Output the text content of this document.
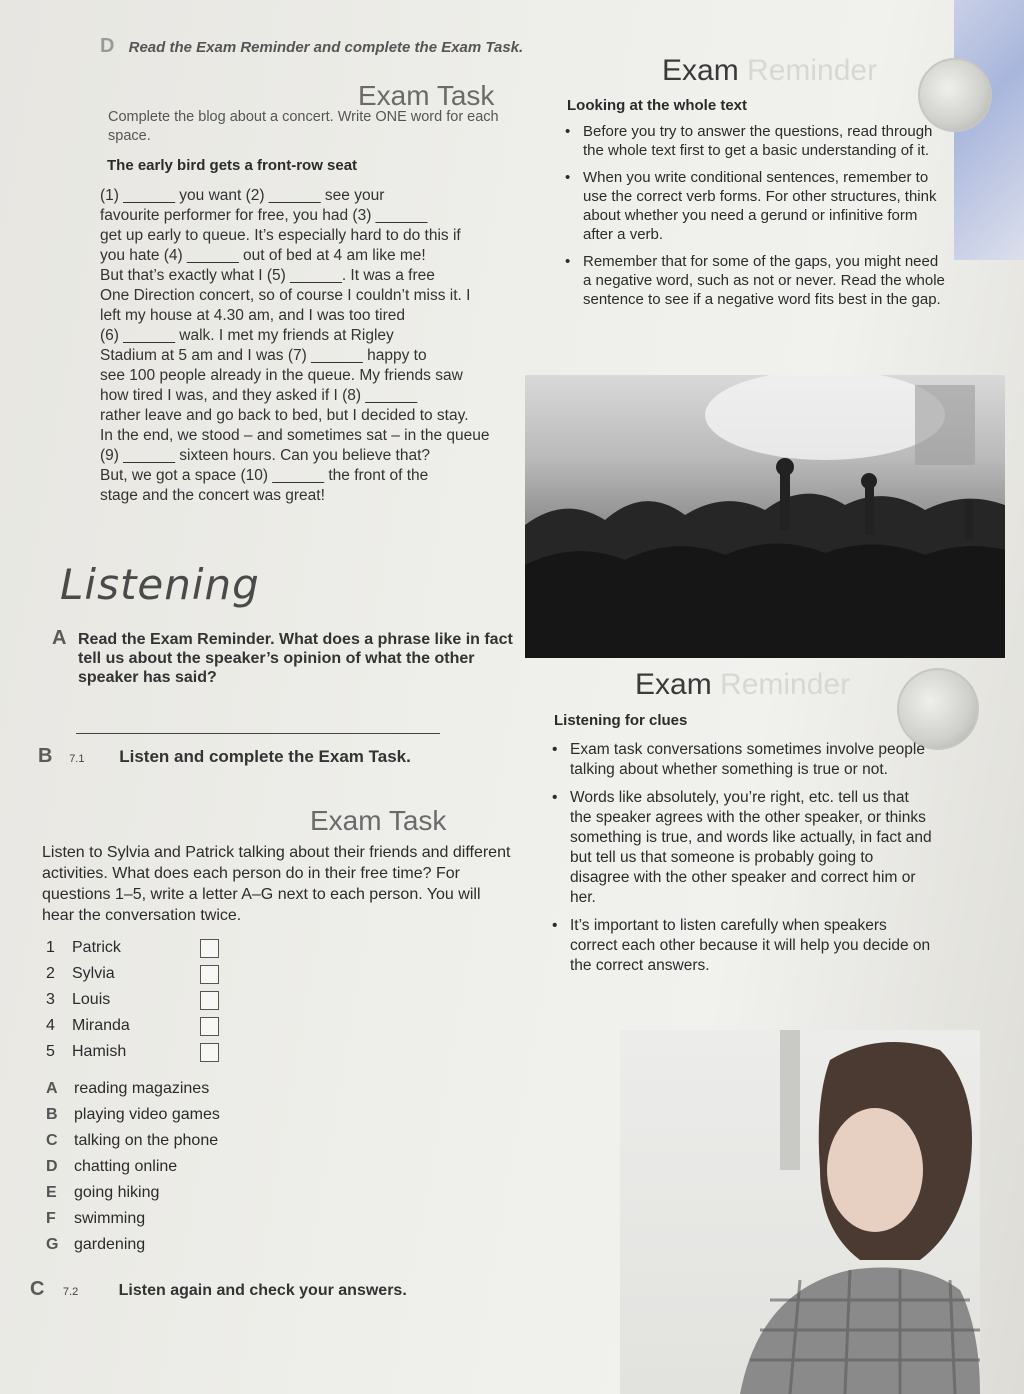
D Read the Exam Reminder and complete the Exam Task.
Exam Task
Complete the blog about a concert. Write ONE word for each space.
The early bird gets a front-row seat
(1) ______ you want (2) ______ see your
favourite performer for free, you had (3) ______
get up early to queue. It’s especially hard to do this if
you hate (4) ______ out of bed at 4 am like me!
But that’s exactly what I (5) ______. It was a free
One Direction concert, so of course I couldn’t miss it. I
left my house at 4.30 am, and I was too tired
(6) ______ walk. I met my friends at Rigley
Stadium at 5 am and I was (7) ______ happy to
see 100 people already in the queue. My friends saw
how tired I was, and they asked if I (8) ______
rather leave and go back to bed, but I decided to stay.
In the end, we stood – and sometimes sat – in the queue
(9) ______ sixteen hours. Can you believe that?
But, we got a space (10) ______ the front of the
stage and the concert was great!
Exam Reminder
Looking at the whole text
• Before you try to answer the questions, read through the whole text first to get a basic understanding of it.
• When you write conditional sentences, remember to use the correct verb forms. For other structures, think about whether you need a gerund or infinitive form after a verb.
• Remember that for some of the gaps, you might need a negative word, such as not or never. Read the whole sentence to see if a negative word fits best in the gap.
Listening
A Read the Exam Reminder. What does a phrase like in fact tell us about the speaker’s opinion of what the other speaker has said?
B 7.1 Listen and complete the Exam Task.
Exam Task
Listen to Sylvia and Patrick talking about their friends and different activities. What does each person do in their free time? For questions 1–5, write a letter A–G next to each person. You will hear the conversation twice.
1	Patrick
2	Sylvia
3	Louis
4	Miranda
5	Hamish
A	reading magazines
B	playing video games
C	talking on the phone
D	chatting online
E	going hiking
F	swimming
G gardening
C 7.2	Listen again and check your answers.
Exam Reminder
Listening for clues
• Exam task conversations sometimes involve people talking about whether something is true or not.
• Words like absolutely, you’re right, etc. tell us that the speaker agrees with the other speaker, or thinks something is true, and words like actually, in fact and but tell us that someone is probably going to disagree with the other speaker and correct him or her.
• It’s important to listen carefully when speakers correct each other because it will help you decide on the correct answers.
